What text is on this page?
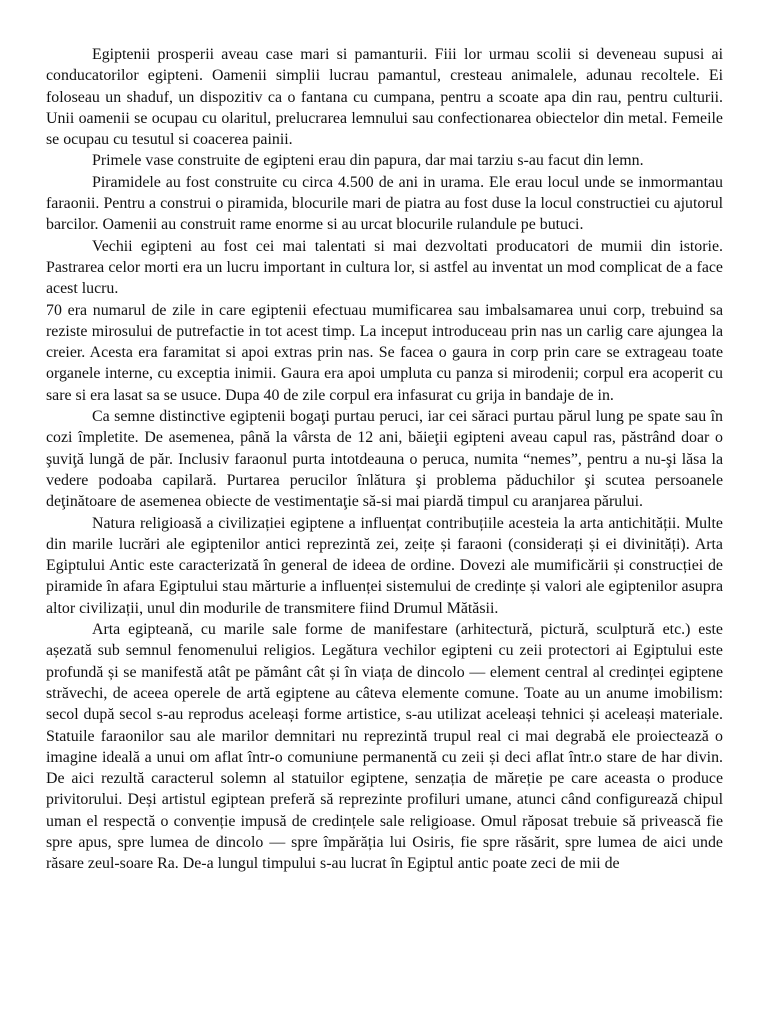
Egiptenii prosperii aveau case mari si pamanturii. Fiii lor urmau scolii si deveneau supusi ai conducatorilor egipteni. Oamenii simplii lucrau pamantul, cresteau animalele, adunau recoltele. Ei foloseau un shaduf, un dispozitiv ca o fantana cu cumpana, pentru a scoate apa din rau, pentru culturii. Unii oamenii se ocupau cu olaritul, prelucrarea lemnului sau confectionarea obiectelor din metal. Femeile se ocupau cu tesutul si coacerea painii.

Primele vase construite de egipteni erau din papura, dar mai tarziu s-au facut din lemn.

Piramidele au fost construite cu circa 4.500 de ani in urama. Ele erau locul unde se inmormantau faraonii. Pentru a construi o piramida, blocurile mari de piatra au fost duse la locul constructiei cu ajutorul barcilor. Oamenii au construit rame enorme si au urcat blocurile rulandule pe butuci.

Vechii egipteni au fost cei mai talentati si mai dezvoltati producatori de mumii din istorie. Pastrarea celor morti era un lucru important in cultura lor, si astfel au inventat un mod complicat de a face acest lucru.

70 era numarul de zile in care egiptenii efectuau mumificarea sau imbalsamarea unui corp, trebuind sa reziste mirosului de putrefactie in tot acest timp. La inceput introduceau prin nas un carlig care ajungea la creier. Acesta era faramitat si apoi extras prin nas. Se facea o gaura in corp prin care se extrageau toate organele interne, cu exceptia inimii. Gaura era apoi umpluta cu panza si mirodenii; corpul era acoperit cu sare si era lasat sa se usuce. Dupa 40 de zile corpul era infasurat cu grija in bandaje de in.

Ca semne distinctive egiptenii bogaţi purtau peruci, iar cei săraci purtau părul lung pe spate sau în cozi împletite. De asemenea, până la vârsta de 12 ani, băieţii egipteni aveau capul ras, păstrând doar o şuviţă lungă de păr. Inclusiv faraonul purta intotdeauna o peruca, numita “nemes”, pentru a nu-şi lăsa la vedere podoaba capilară. Purtarea perucilor înlătura şi problema păduchilor şi scutea persoanele deţinătoare de asemenea obiecte de vestimentaţie să-si mai piardă timpul cu aranjarea părului.

Natura religioasă a civilizației egiptene a influențat contribuțiile acesteia la arta antichității. Multe din marile lucrări ale egiptenilor antici reprezintă zei, zeițe și faraoni (considerați și ei divinități). Arta Egiptului Antic este caracterizată în general de ideea de ordine. Dovezi ale mumificării și construcției de piramide în afara Egiptului stau mărturie a influenței sistemului de credințe și valori ale egiptenilor asupra altor civilizații, unul din modurile de transmitere fiind Drumul Mătăsii.

Arta egipteană, cu marile sale forme de manifestare (arhitectură, pictură, sculptură etc.) este așezată sub semnul fenomenului religios. Legătura vechilor egipteni cu zeii protectori ai Egiptului este profundă și se manifestă atât pe pământ cât și în viața de dincolo — element central al credinței egiptene străvechi, de aceea operele de artă egiptene au câteva elemente comune. Toate au un anume imobilism: secol după secol s-au reprodus aceleași forme artistice, s-au utilizat aceleași tehnici și aceleași materiale. Statuile faraonilor sau ale marilor demnitari nu reprezintă trupul real ci mai degrabă ele proiectează o imagine ideală a unui om aflat într-o comuniune permanentă cu zeii și deci aflat într.o stare de har divin. De aici rezultă caracterul solemn al statuilor egiptene, senzația de măreție pe care aceasta o produce privitorului. Deși artistul egiptean preferă să reprezinte profiluri umane, atunci când configurează chipul uman el respectă o convenție impusă de credințele sale religioase. Omul răposat trebuie să privească fie spre apus, spre lumea de dincolo — spre împărăția lui Osiris, fie spre răsărit, spre lumea de aici unde răsare zeul-soare Ra. De-a lungul timpului s-au lucrat în Egiptul antic poate zeci de mii de
